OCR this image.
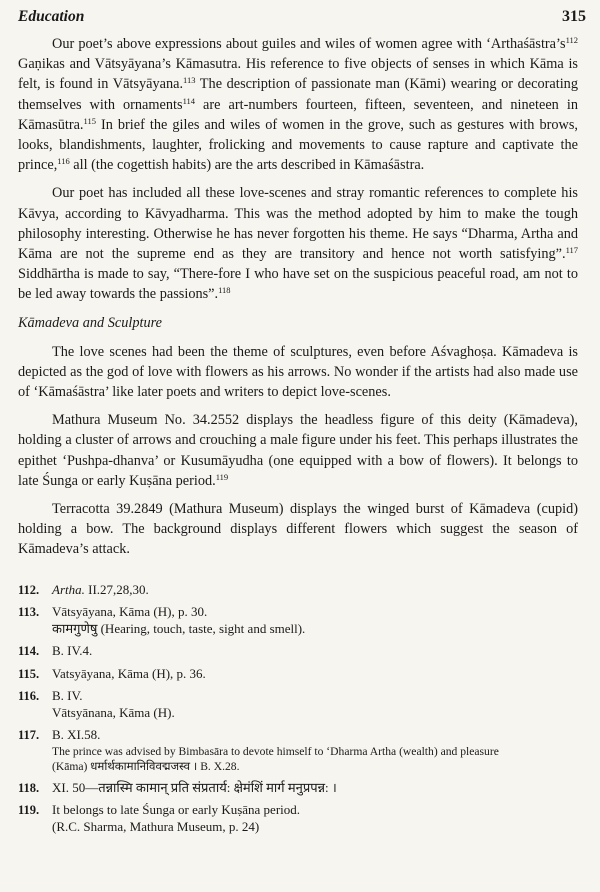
Education	315

Our poet’s above expressions about guiles and wiles of women agree with ‘$Arthaśāstra’s^{112}$ Gaṇikas and Vātsyāyana’s Kāmasutra. His reference to five objects of senses in which Kāma is felt, is found in Vātsyāyana.$^{113}$ The description of passionate man (Kāmi) wearing or decorating themselves with ornaments$^{114}$ are art-numbers fourteen, fifteen, seventeen, and nineteen in Kāmasūtra.$^{115}$ In brief the giles and wiles of women in the grove, such as gestures with brows, looks, blandishments, laughter, frolicking and movements to cause rapture and captivate the prince,$^{116}$ all (the cogettish habits) are the arts described in Kāmaśāstra.

Our poet has included all these love-scenes and stray romantic references to complete his Kāvya, according to Kāvyadharma. This was the method adopted by him to make the tough philosophy interesting. Otherwise he has never forgotten his theme. He says “Dharma, Artha and Kāma are not the supreme end as they are transitory and hence not worth satisfying”.$^{117}$ Siddhārtha is made to say, “There-fore I who have set on the suspicious peaceful road, am not to be led away towards the passions”.$^{118}$

Kāmadeva and Sculpture

The love scenes had been the theme of sculptures, even before Aśvaghoṣa. Kāmadeva is depicted as the god of love with flowers as his arrows. No wonder if the artists had also made use of ‘Kāmaśāstra’ like later poets and writers to depict love-scenes.

Mathura Museum No. 34.2552 displays the headless figure of this deity (Kāmadeva), holding a cluster of arrows and crouching a male figure under his feet. This perhaps illustrates the epithet ‘Pushpa-dhanva’ or Kusumāyudha (one equipped with a bow of flowers). It belongs to late Śunga or early Kuṣāna period.$^{119}$

Terracotta 39.2849 (Mathura Museum) displays the winged burst of Kāmadeva (cupid) holding a bow. The background displays different flowers which suggest the season of Kāmadeva’s attack.

112. Artha. II.27,28,30.
113. Vātsyāyana, Kāma (H), p. 30.
कामगुणेषु (Hearing, touch, taste, sight and smell).
114. B. IV.4.
115. Vatsyāyana, Kāma (H), p. 36.
116. B. IV.
Vātsyānana, Kāma (H).
117. B. XI.58.
The prince was advised by Bimbasāra to devote himself to ‘Dharma Artha (wealth) and pleasure
(Kāma) धर्मार्थकामानिविवद्मजस्व । B. X.28.
118. XI. 50—तन्नास्मि कामान् प्रति संप्रतार्य: क्षेमंशिं मार्ग मनुप्रपन्न: ।
119. It belongs to late Śunga or early Kuṣāna period.
(R.C. Sharma, Mathura Museum, p. 24)
